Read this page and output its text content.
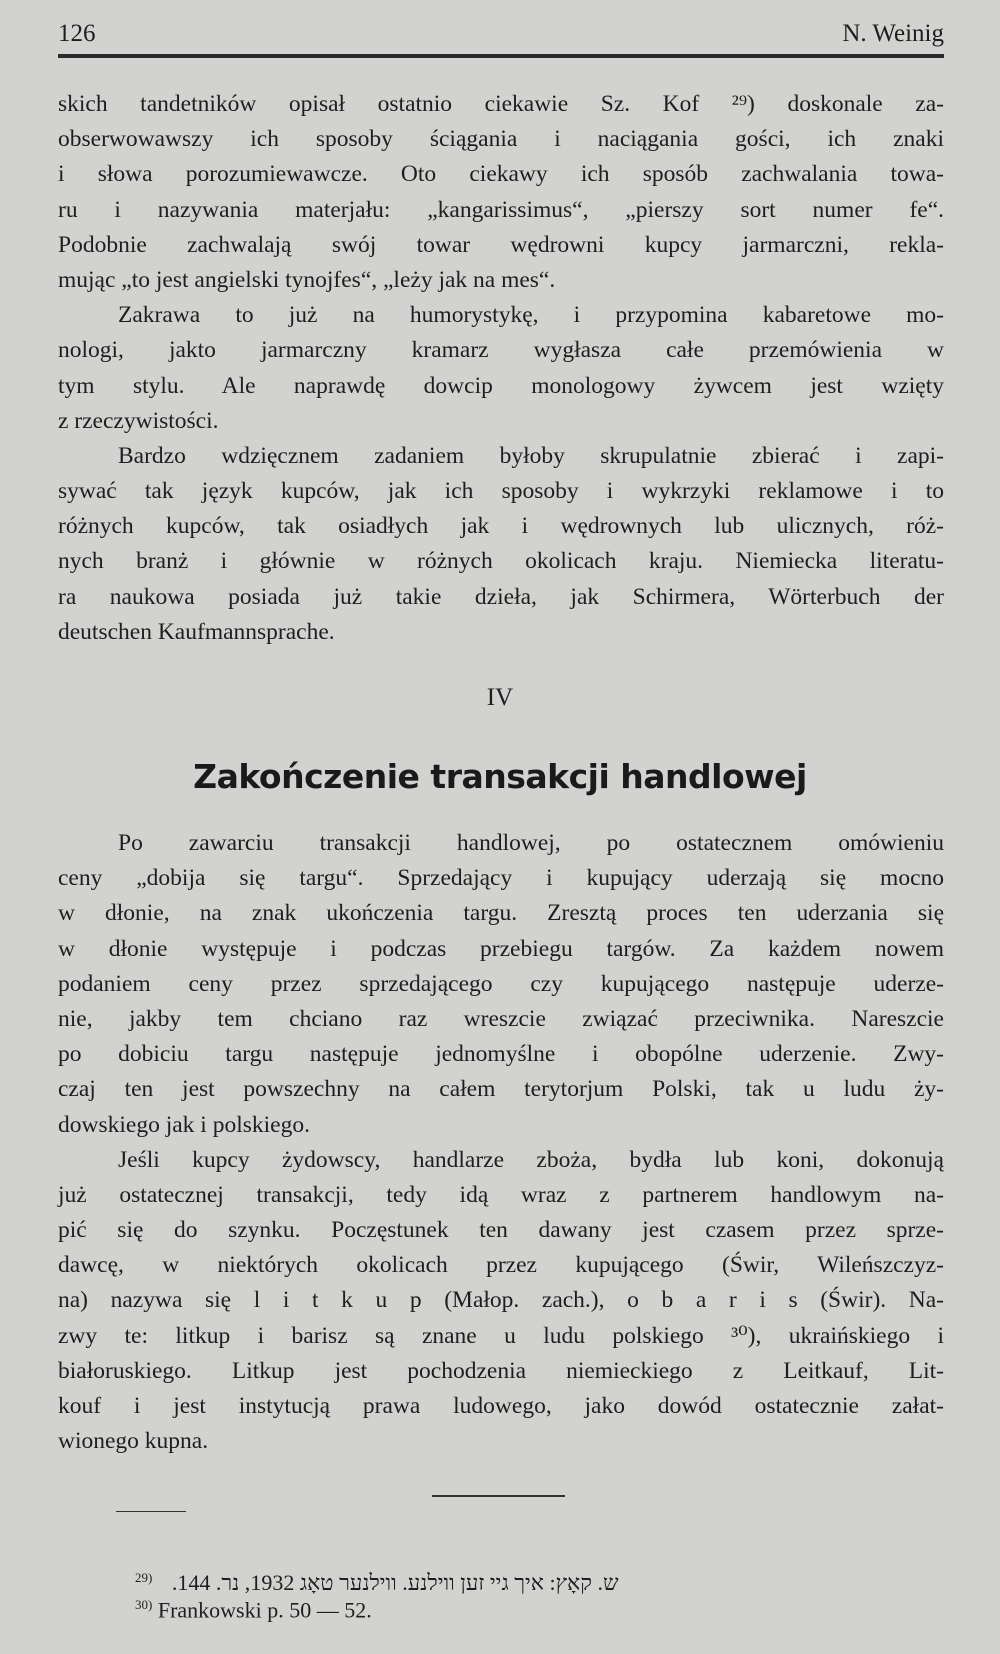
126	N. Weinig
skich tandetników opisał ostatnio ciekawie Sz. Kof ²⁹) doskonale za-
obserwowawszy ich sposoby ściągania i naciągania gości, ich znaki
i słowa porozumiewawcze. Oto ciekawy ich sposób zachwalania towa-
ru i nazywania materjału: „kangarissimus“, „pierszy sort numer fe“.
Podobnie zachwalają swój towar wędrowni kupcy jarmarczni, rekla-
mując „to jest angielski tynojfes“, „leży jak na mes“.
Zakrawa to już na humorystykę, i przypomina kabaretowe mo-
nologi, jakto jarmarczny kramarz wygłasza całe przemówienia w
tym stylu. Ale naprawdę dowcip monologowy żywcem jest wzięty
z rzeczywistości.
Bardzo wdzięcznem zadaniem byłoby skrupulatnie zbierać i zapi-
sywać tak język kupców, jak ich sposoby i wykrzyki reklamowe i to
różnych kupców, tak osiadłych jak i wędrownych lub ulicznych, róż-
nych branż i głównie w różnych okolicach kraju. Niemiecka literatu-
ra naukowa posiada już takie dzieła, jak Schirmera, Wörterbuch der
deutschen Kaufmannsprache.
IV
Zakończenie transakcji handlowej
Po zawarciu transakcji handlowej, po ostatecznem omówieniu
ceny „dobija się targu“. Sprzedający i kupujący uderzają się mocno
w dłonie, na znak ukończenia targu. Zresztą proces ten uderzania się
w dłonie występuje i podczas przebiegu targów. Za każdem nowem
podaniem ceny przez sprzedającego czy kupującego następuje uderze-
nie, jakby tem chciano raz wreszcie związać przeciwnika. Nareszcie
po dobiciu targu następuje jednomyślne i obopólne uderzenie. Zwy-
czaj ten jest powszechny na całem terytorjum Polski, tak u ludu ży-
dowskiego jak i polskiego.
Jeśli kupcy żydowscy, handlarze zboża, bydła lub koni, dokonują
już ostatecznej transakcji, tedy idą wraz z partnerem handlowym na-
pić się do szynku. Poczęstunek ten dawany jest czasem przez sprze-
dawcę, w niektórych okolicach przez kupującego (Świr, Wileńszczyz-
na) nazywa się l i t k u p (Małop. zach.), o b a r i s (Świr). Na-
zwy te: litkup i barisz są znane u ludu polskiego ³⁰), ukraińskiego i
białoruskiego. Litkup jest pochodzenia niemieckiego z Leitkauf, Lit-
kouf i jest instytucją prawa ludowego, jako dowód ostatecznie załat-
wionego kupna.
$^{29)}$ ש. קאָץ: איך גיי זען ווילנע. ווילנער טאָג 1932, נר. 144.
$^{30)}$ Frankowski p. 50 — 52.
